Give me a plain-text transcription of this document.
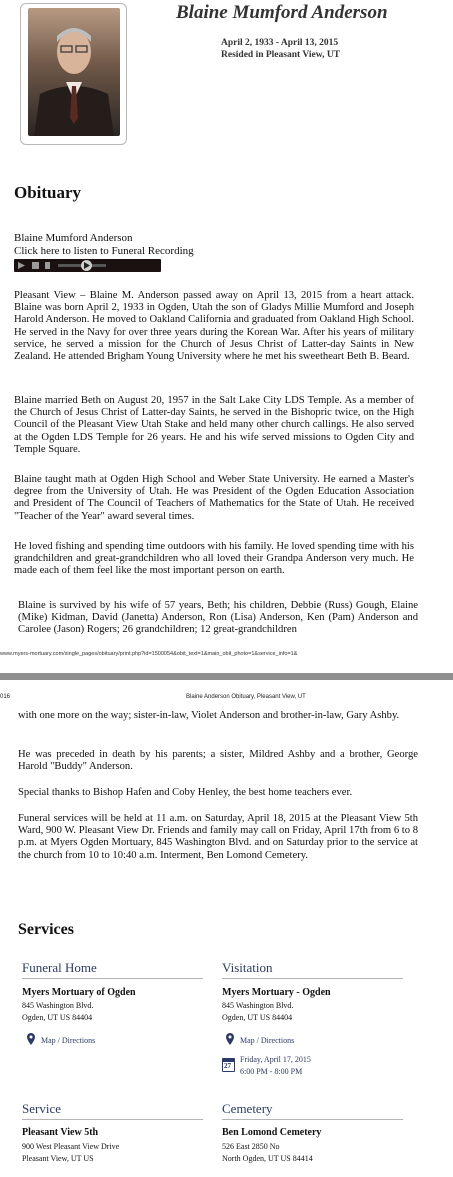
Blaine Mumford Anderson
April 2, 1933 - April 13, 2015
Resided in Pleasant View, UT
Obituary
Blaine Mumford Anderson
Click here to listen to Funeral Recording
Pleasant View – Blaine M. Anderson passed away on April 13, 2015 from a heart attack. Blaine was born April 2, 1933 in Ogden, Utah the son of Gladys Millie Mumford and Joseph Harold Anderson. He moved to Oakland California and graduated from Oakland High School. He served in the Navy for over three years during the Korean War. After his years of military service, he served a mission for the Church of Jesus Christ of Latter-day Saints in New Zealand. He attended Brigham Young University where he met his sweetheart Beth B. Beard.
Blaine married Beth on August 20, 1957 in the Salt Lake City LDS Temple. As a member of the Church of Jesus Christ of Latter-day Saints, he served in the Bishopric twice, on the High Council of the Pleasant View Utah Stake and held many other church callings. He also served at the Ogden LDS Temple for 26 years. He and his wife served missions to Ogden City and Temple Square.
Blaine taught math at Ogden High School and Weber State University. He earned a Master's degree from the University of Utah. He was President of the Ogden Education Association and President of The Council of Teachers of Mathematics for the State of Utah. He received "Teacher of the Year" award several times.
He loved fishing and spending time outdoors with his family. He loved spending time with his grandchildren and great-grandchildren who all loved their Grandpa Anderson very much. He made each of them feel like the most important person on earth.
Blaine is survived by his wife of 57 years, Beth; his children, Debbie (Russ) Gough, Elaine (Mike) Kidman, David (Janetta) Anderson, Ron (Lisa) Anderson, Ken (Pam) Anderson and Carolee (Jason) Rogers; 26 grandchildren; 12 great-grandchildren
www.myers-mortuary.com/single_pages/obituary/print.php?id=1500054&obit_text=1&main_obit_photo=1&service_info=1&
016	Blaine Anderson Obituary, Pleasant View, UT
with one more on the way; sister-in-law, Violet Anderson and brother-in-law, Gary Ashby.
He was preceded in death by his parents; a sister, Mildred Ashby and a brother, George Harold "Buddy" Anderson.
Special thanks to Bishop Hafen and Coby Henley, the best home teachers ever.
Funeral services will be held at 11 a.m. on Saturday, April 18, 2015 at the Pleasant View 5th Ward, 900 W. Pleasant View Dr. Friends and family may call on Friday, April 17th from 6 to 8 p.m. at Myers Ogden Mortuary, 845 Washington Blvd. and on Saturday prior to the service at the church from 10 to 10:40 a.m. Interment, Ben Lomond Cemetery.
Services
Funeral Home
Myers Mortuary of Ogden
845 Washington Blvd.
Ogden, UT US 84404
Map / Directions
Visitation
Myers Mortuary - Ogden
845 Washington Blvd.
Ogden, UT US 84404
Map / Directions
27
Friday, April 17, 2015
6:00 PM - 8:00 PM
Service
Pleasant View 5th
900 West Pleasant View Drive
Pleasant View, UT US
Cemetery
Ben Lomond Cemetery
526 East 2850 No
North Ogden, UT US 84414
